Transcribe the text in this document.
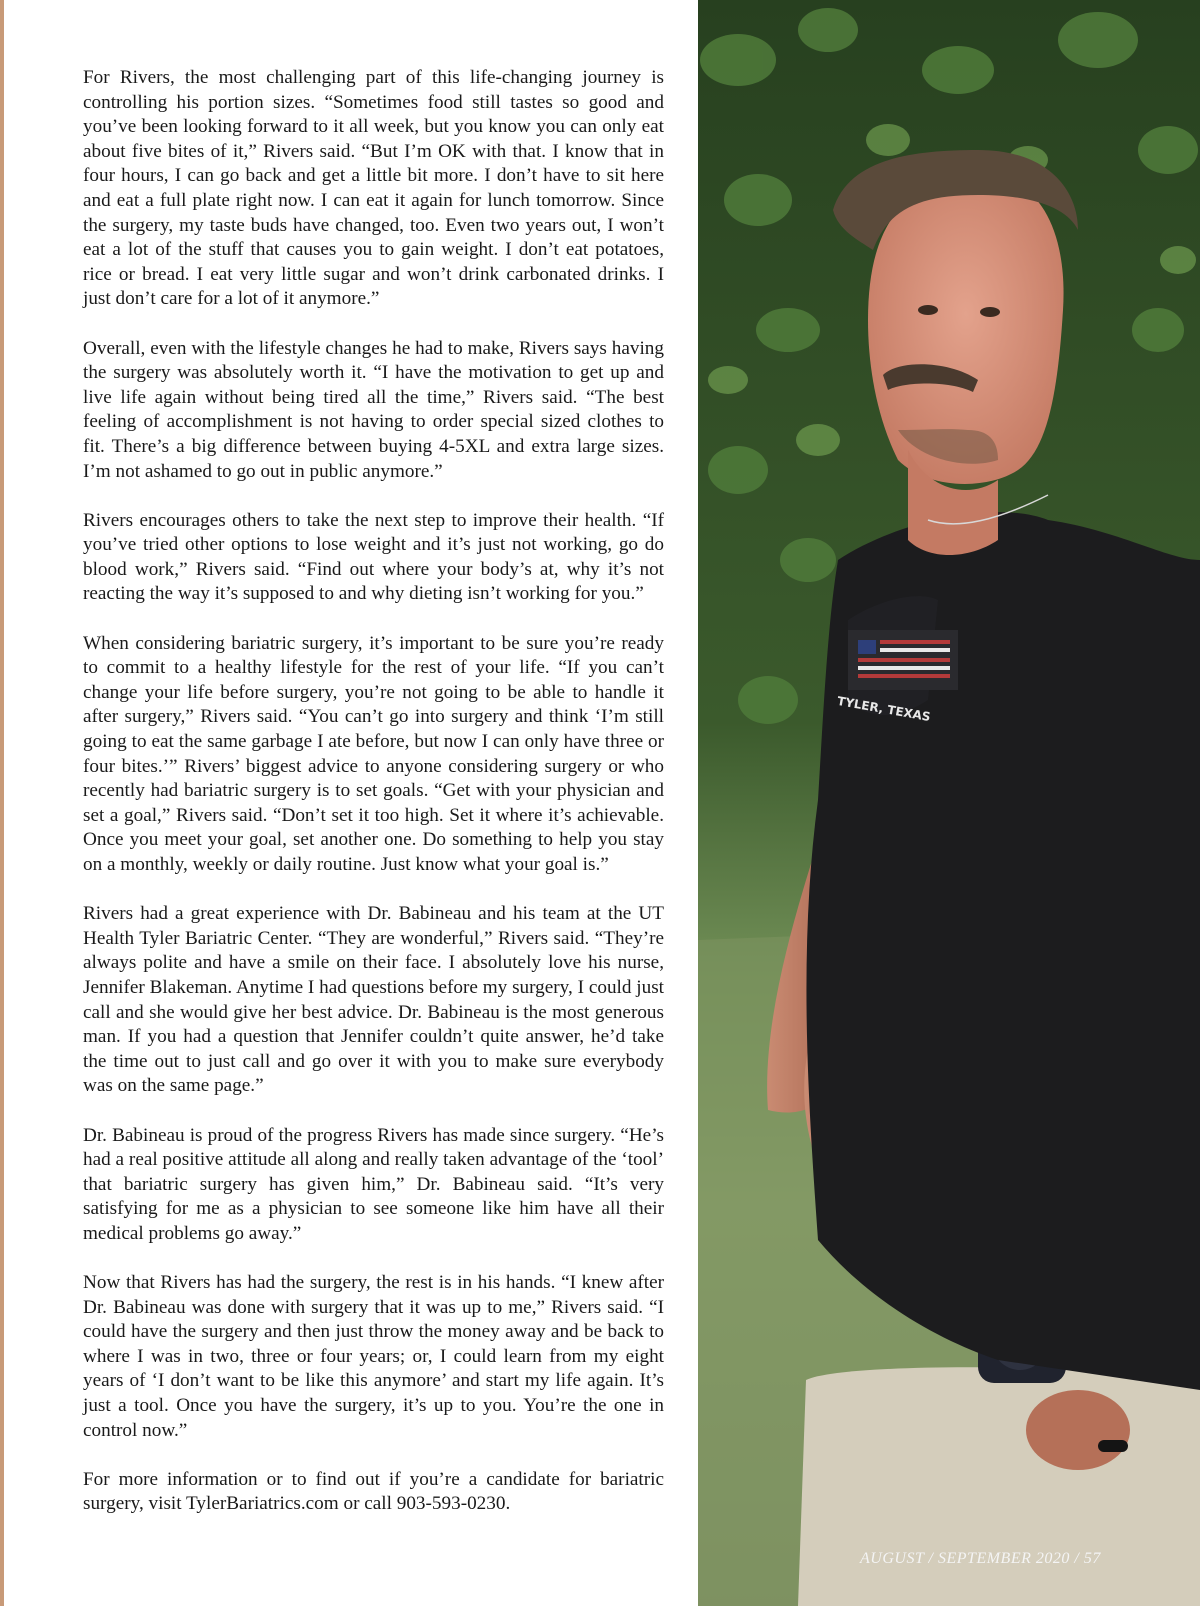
For Rivers, the most challenging part of this life-changing journey is controlling his portion sizes. “Sometimes food still tastes so good and you’ve been looking forward to it all week, but you know you can only eat about five bites of it,” Rivers said. “But I’m OK with that. I know that in four hours, I can go back and get a little bit more. I don’t have to sit here and eat a full plate right now. I can eat it again for lunch tomorrow. Since the surgery, my taste buds have changed, too. Even two years out, I won’t eat a lot of the stuff that causes you to gain weight. I don’t eat potatoes, rice or bread. I eat very little sugar and won’t drink carbonated drinks. I just don’t care for a lot of it anymore.”

Overall, even with the lifestyle changes he had to make, Rivers says having the surgery was absolutely worth it. “I have the motivation to get up and live life again without being tired all the time,” Rivers said. “The best feeling of accomplishment is not having to order special sized clothes to fit. There’s a big difference between buying 4-5XL and extra large sizes. I’m not ashamed to go out in public anymore.”

Rivers encourages others to take the next step to improve their health. “If you’ve tried other options to lose weight and it’s just not working, go do blood work,” Rivers said. “Find out where your body’s at, why it’s not reacting the way it’s supposed to and why dieting isn’t working for you.”

When considering bariatric surgery, it’s important to be sure you’re ready to commit to a healthy lifestyle for the rest of your life. “If you can’t change your life before surgery, you’re not going to be able to handle it after surgery,” Rivers said. “You can’t go into surgery and think ‘I’m still going to eat the same garbage I ate before, but now I can only have three or four bites.’” Rivers’ biggest advice to anyone considering surgery or who recently had bariatric surgery is to set goals. “Get with your physician and set a goal,” Rivers said. “Don’t set it too high. Set it where it’s achievable. Once you meet your goal, set another one. Do something to help you stay on a monthly, weekly or daily routine. Just know what your goal is.”

Rivers had a great experience with Dr. Babineau and his team at the UT Health Tyler Bariatric Center. “They are wonderful,” Rivers said. “They’re always polite and have a smile on their face. I absolutely love his nurse, Jennifer Blakeman. Anytime I had questions before my surgery, I could just call and she would give her best advice. Dr. Babineau is the most generous man. If you had a question that Jennifer couldn’t quite answer, he’d take the time out to just call and go over it with you to make sure everybody was on the same page.”

Dr. Babineau is proud of the progress Rivers has made since surgery. “He’s had a real positive attitude all along and really taken advantage of the ‘tool’ that bariatric surgery has given him,” Dr. Babineau said. “It’s very satisfying for me as a physician to see someone like him have all their medical problems go away.”

Now that Rivers has had the surgery, the rest is in his hands. “I knew after Dr. Babineau was done with surgery that it was up to me,” Rivers said. “I could have the surgery and then just throw the money away and be back to where I was in two, three or four years; or, I could learn from my eight years of ‘I don’t want to be like this anymore’ and start my life again. It’s just a tool. Once you have the surgery, it’s up to you. You’re the one in control now.”

For more information or to find out if you’re a candidate for bariatric surgery, visit TylerBariatrics.com or call 903-593-0230.

TYLER, TEXAS
AUGUST / SEPTEMBER 2020 / 57
